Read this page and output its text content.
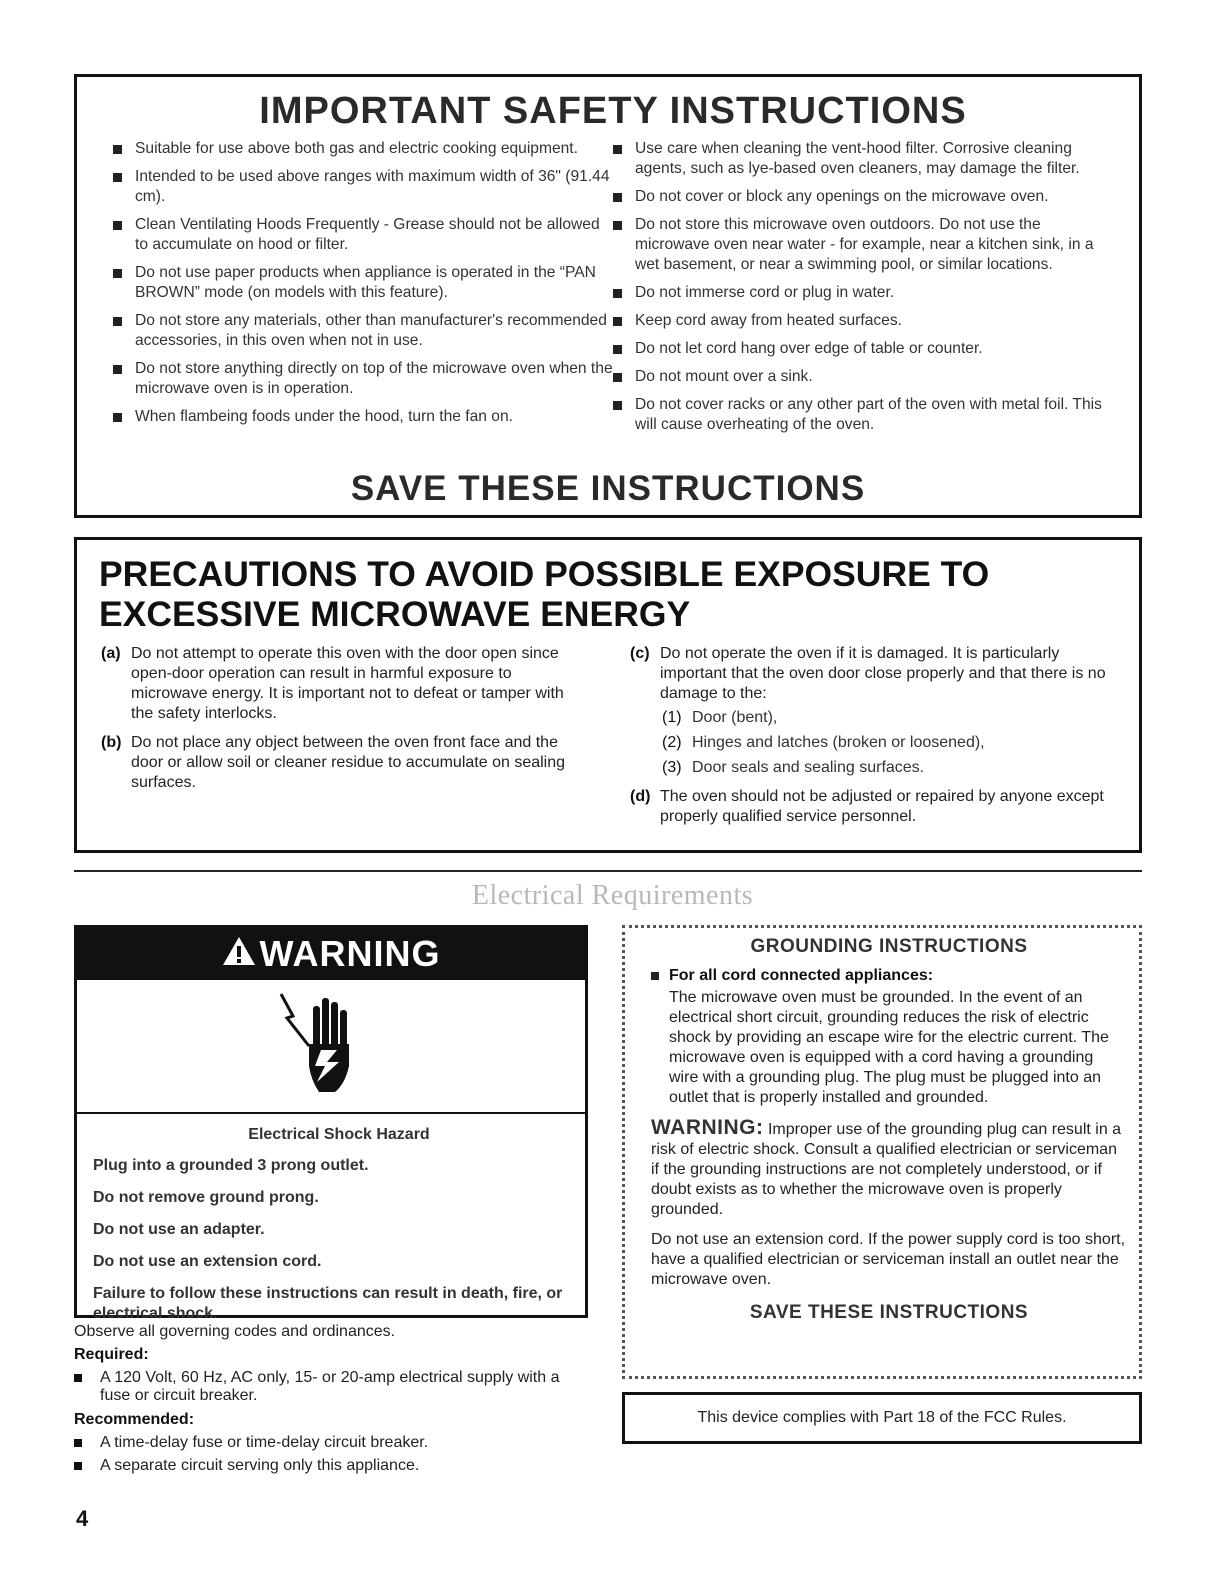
IMPORTANT SAFETY INSTRUCTIONS
Suitable for use above both gas and electric cooking equipment.
Intended to be used above ranges with maximum width of 36" (91.44 cm).
Clean Ventilating Hoods Frequently - Grease should not be allowed to accumulate on hood or filter.
Do not use paper products when appliance is operated in the “PAN BROWN” mode (on models with this feature).
Do not store any materials, other than manufacturer's recommended accessories, in this oven when not in use.
Do not store anything directly on top of the microwave oven when the microwave oven is in operation.
When flambeing foods under the hood, turn the fan on.
Use care when cleaning the vent-hood filter. Corrosive cleaning agents, such as lye-based oven cleaners, may damage the filter.
Do not cover or block any openings on the microwave oven.
Do not store this microwave oven outdoors. Do not use the microwave oven near water - for example, near a kitchen sink, in a wet basement, or near a swimming pool, or similar locations.
Do not immerse cord or plug in water.
Keep cord away from heated surfaces.
Do not let cord hang over edge of table or counter.
Do not mount over a sink.
Do not cover racks or any other part of the oven with metal foil. This will cause overheating of the oven.
SAVE THESE INSTRUCTIONS
PRECAUTIONS TO AVOID POSSIBLE EXPOSURE TO
EXCESSIVE MICROWAVE ENERGY
(a) Do not attempt to operate this oven with the door open since open-door operation can result in harmful exposure to microwave energy. It is important not to defeat or tamper with the safety interlocks.
(b) Do not place any object between the oven front face and the door or allow soil or cleaner residue to accumulate on sealing surfaces.
(c) Do not operate the oven if it is damaged. It is particularly important that the oven door close properly and that there is no damage to the:
(1) Door (bent),
(2) Hinges and latches (broken or loosened),
(3) Door seals and sealing surfaces.
(d) The oven should not be adjusted or repaired by anyone except properly qualified service personnel.
Electrical Requirements
WARNING
Electrical Shock Hazard
Plug into a grounded 3 prong outlet.
Do not remove ground prong.
Do not use an adapter.
Do not use an extension cord.
Failure to follow these instructions can result in death, fire, or electrical shock.
Observe all governing codes and ordinances.
Required:
A 120 Volt, 60 Hz, AC only, 15- or 20-amp electrical supply with a fuse or circuit breaker.
Recommended:
A time-delay fuse or time-delay circuit breaker.
A separate circuit serving only this appliance.
GROUNDING INSTRUCTIONS
For all cord connected appliances:
The microwave oven must be grounded. In the event of an electrical short circuit, grounding reduces the risk of electric shock by providing an escape wire for the electric current. The microwave oven is equipped with a cord having a grounding wire with a grounding plug. The plug must be plugged into an outlet that is properly installed and grounded.
WARNING: Improper use of the grounding plug can result in a risk of electric shock. Consult a qualified electrician or serviceman if the grounding instructions are not completely understood, or if doubt exists as to whether the microwave oven is properly grounded.
Do not use an extension cord. If the power supply cord is too short, have a qualified electrician or serviceman install an outlet near the microwave oven.
SAVE THESE INSTRUCTIONS
This device complies with Part 18 of the FCC Rules.
4
